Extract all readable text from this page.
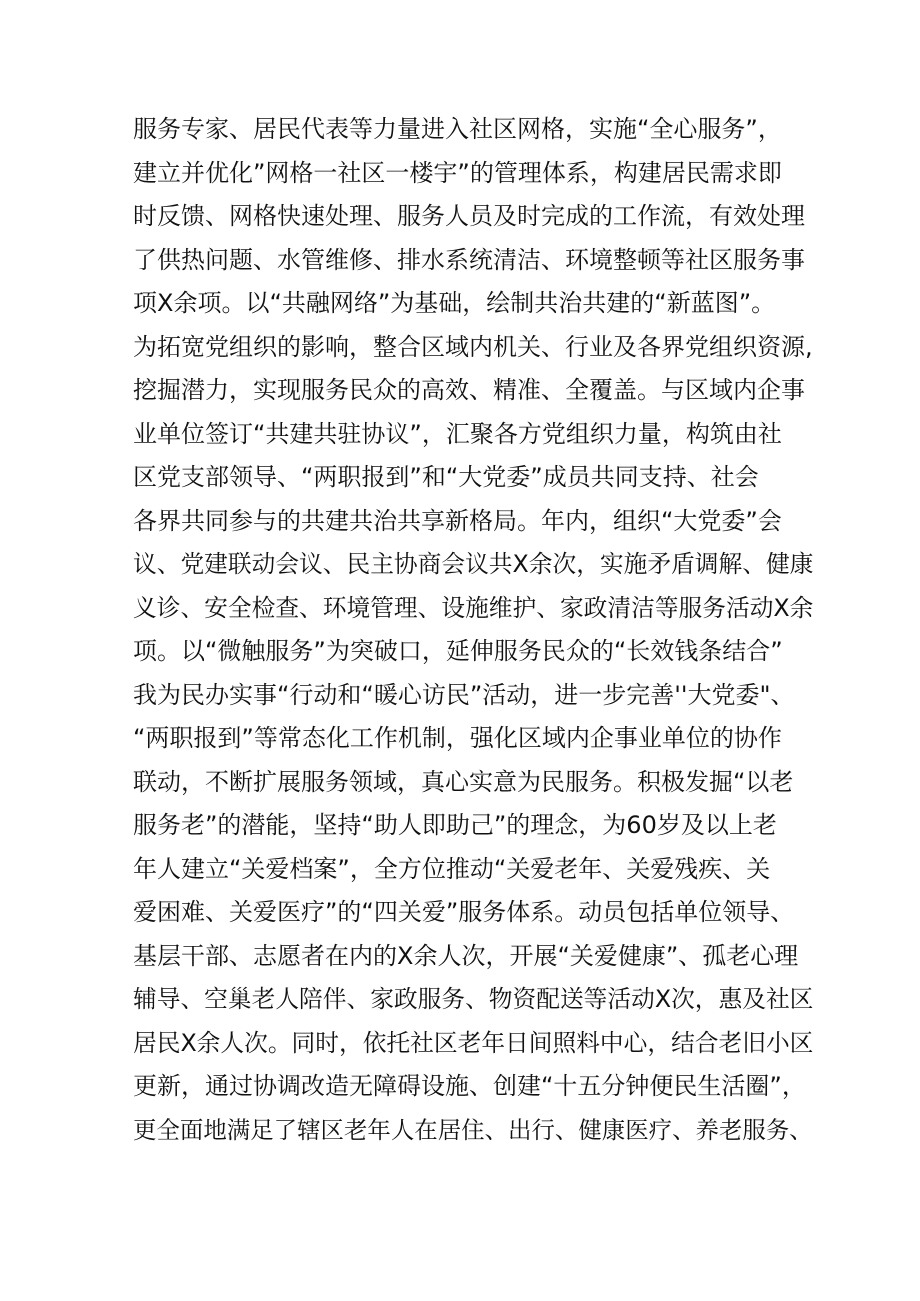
服务专家、居民代表等力量进入社区网格，实施“全心服务”，
建立并优化”网格一社区一楼宇”的管理体系，构建居民需求即
时反馈、网格快速处理、服务人员及时完成的工作流，有效处理
了供热问题、水管维修、排水系统清洁、环境整顿等社区服务事
项X余项。以“共融网络”为基础，绘制共治共建的“新蓝图”。
为拓宽党组织的影响，整合区域内机关、行业及各界党组织资源,
挖掘潜力，实现服务民众的高效、精准、全覆盖。与区域内企事
业单位签订“共建共驻协议”，汇聚各方党组织力量，构筑由社
区党支部领导、“两职报到”和“大党委”成员共同支持、社会
各界共同参与的共建共治共享新格局。年内，组织“大党委”会
议、党建联动会议、民主协商会议共X余次，实施矛盾调解、健康
义诊、安全检查、环境管理、设施维护、家政清洁等服务活动X余
项。以“微触服务”为突破口，延伸服务民众的“长效钱条结合”
我为民办实事“行动和“暖心访民”活动，进一步完善''大党委"、
“两职报到”等常态化工作机制，强化区域内企事业单位的协作
联动，不断扩展服务领域，真心实意为民服务。积极发掘“以老
服务老”的潜能，坚持“助人即助己”的理念，为60岁及以上老
年人建立“关爱档案”，全方位推动“关爱老年、关爱残疾、关
爱困难、关爱医疗”的“四关爱”服务体系。动员包括单位领导、
基层干部、志愿者在内的X余人次，开展“关爱健康”、孤老心理
辅导、空巢老人陪伴、家政服务、物资配送等活动X次，惠及社区
居民X余人次。同时，依托社区老年日间照料中心，结合老旧小区
更新，通过协调改造无障碍设施、创建“十五分钟便民生活圈”，
更全面地满足了辖区老年人在居住、出行、健康医疗、养老服务、
